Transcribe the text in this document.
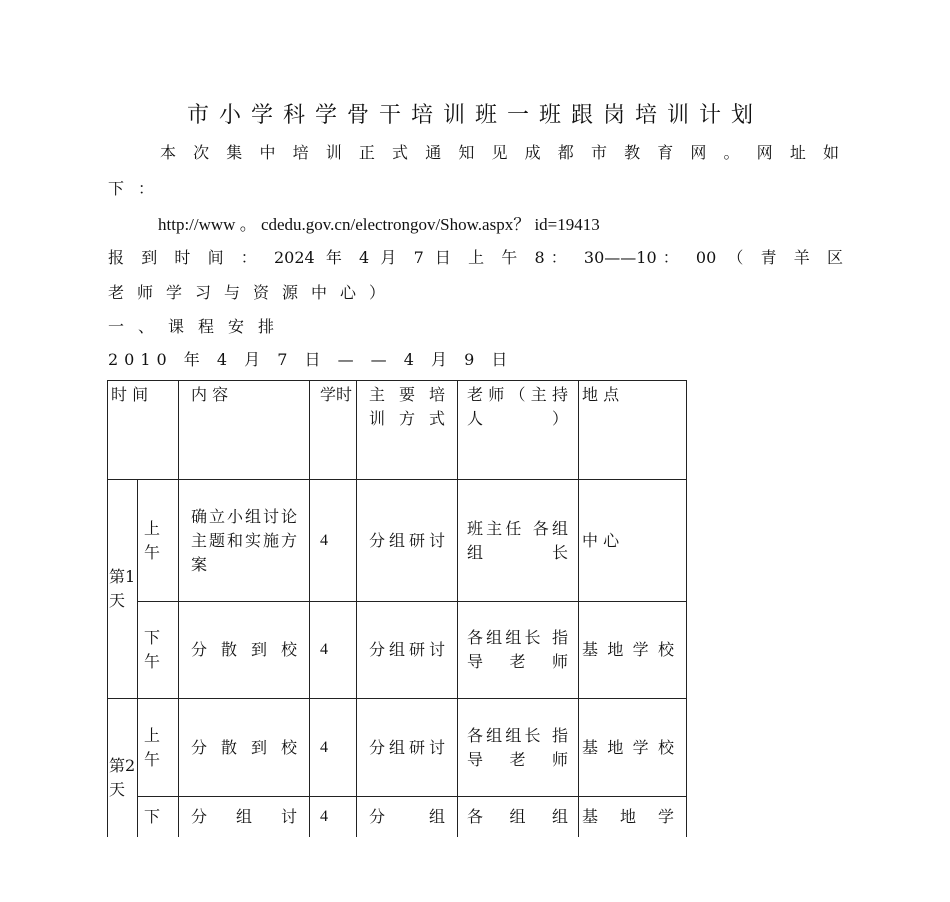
市小学科学骨干培训班一班跟岗培训计划
本次集中培训正式通知见成都市教育网。网址如
下：
http://www 。 cdedu.gov.cn/electrongov/Show.aspx？ id=19413
报 到 时 间 ： 2024 年 4 月 7 日 上 午 8： 30——10： 00 （ 青 羊 区
老师学习与资源中心）
一、课程安排
2010 年 4 月 7 日 — — 4 月 9 日
时 间		内 容	学时	主 要 培 训 方 式	老 师 （ 主 持 人 ）	地 点
第1天	上午	确立小组讨论主题和实施方案	4	分组研讨	班主任 各组组长	中 心
	下午	分散到校	4	分组研讨	各组组长 指导老师	基地学校
第2天	上午	分散到校	4	分组研讨	各组组长 指导老师	基地学校
	下	分组讨	4	分组	各组组	基地学
